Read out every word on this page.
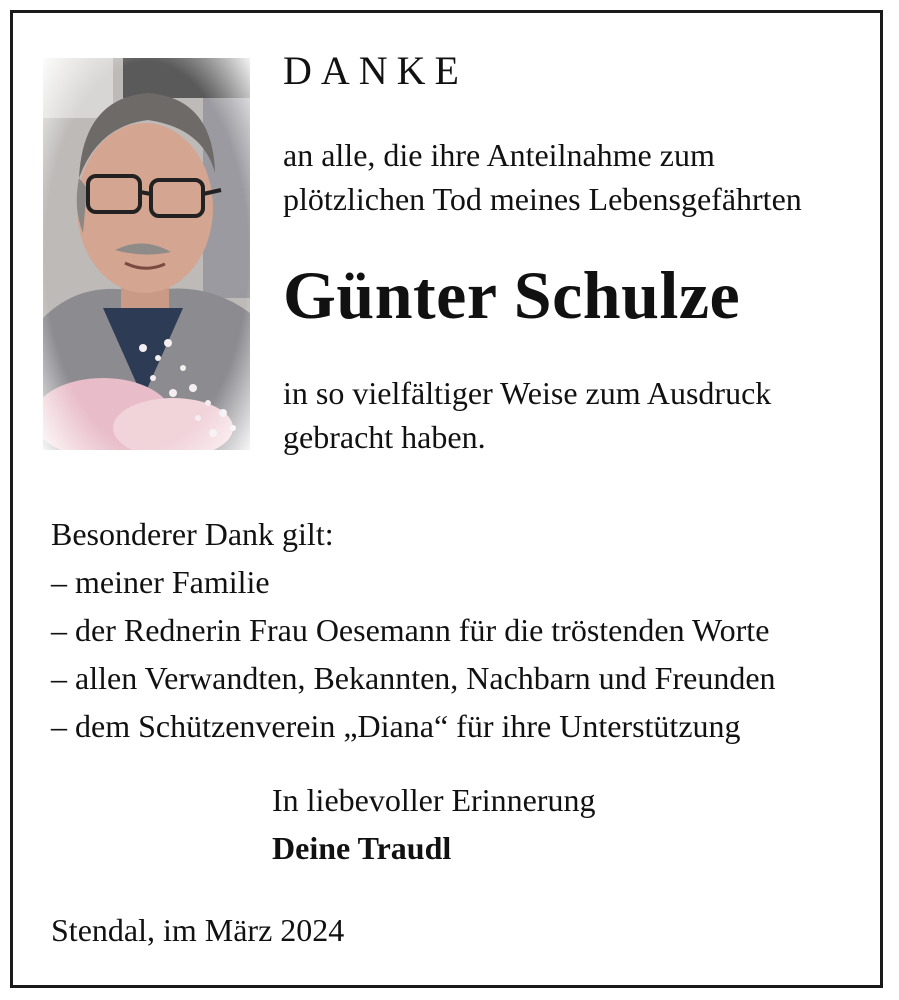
DANKE

an alle, die ihre Anteilnahme zum
plötzlichen Tod meines Lebensgefährten

Günter Schulze

in so vielfältiger Weise zum Ausdruck
gebracht haben.

Besonderer Dank gilt:
– meiner Familie
– der Rednerin Frau Oesemann für die tröstenden Worte
– allen Verwandten, Bekannten, Nachbarn und Freunden
– dem Schützenverein „Diana“ für ihre Unterstützung

In liebevoller Erinnerung

Deine Traudl

Stendal, im März 2024
